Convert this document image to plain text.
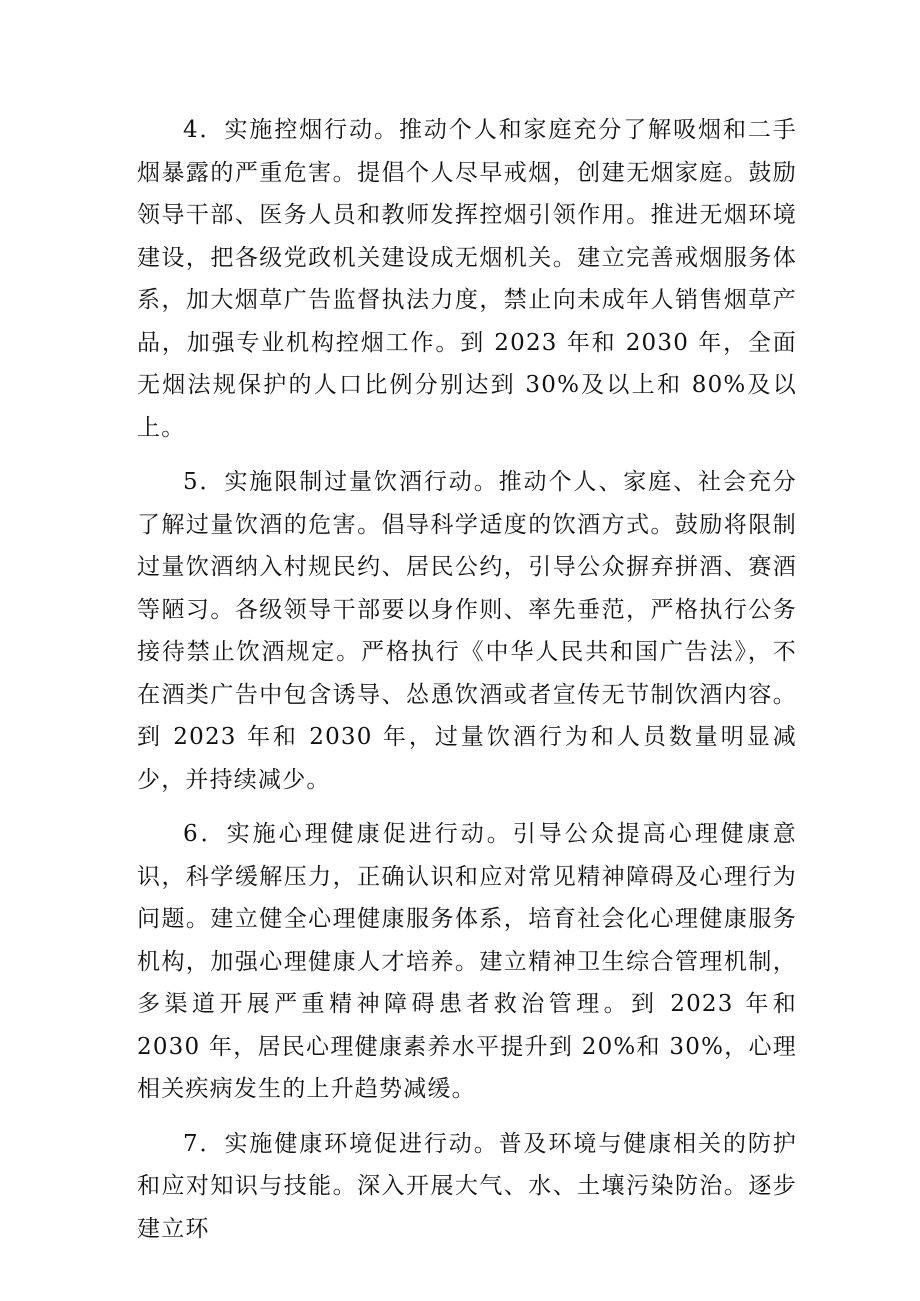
4．实施控烟行动。推动个人和家庭充分了解吸烟和二手烟暴露的严重危害。提倡个人尽早戒烟，创建无烟家庭。鼓励领导干部、医务人员和教师发挥控烟引领作用。推进无烟环境建设，把各级党政机关建设成无烟机关。建立完善戒烟服务体系，加大烟草广告监督执法力度，禁止向未成年人销售烟草产品，加强专业机构控烟工作。到 2023 年和 2030 年，全面无烟法规保护的人口比例分别达到 30%及以上和 80%及以上。

5．实施限制过量饮酒行动。推动个人、家庭、社会充分了解过量饮酒的危害。倡导科学适度的饮酒方式。鼓励将限制过量饮酒纳入村规民约、居民公约，引导公众摒弃拼酒、赛酒等陋习。各级领导干部要以身作则、率先垂范，严格执行公务接待禁止饮酒规定。严格执行《中华人民共和国广告法》，不在酒类广告中包含诱导、怂恿饮酒或者宣传无节制饮酒内容。到 2023 年和 2030 年，过量饮酒行为和人员数量明显减少，并持续减少。

6．实施心理健康促进行动。引导公众提高心理健康意识，科学缓解压力，正确认识和应对常见精神障碍及心理行为问题。建立健全心理健康服务体系，培育社会化心理健康服务机构，加强心理健康人才培养。建立精神卫生综合管理机制，多渠道开展严重精神障碍患者救治管理。到 2023 年和 2030 年，居民心理健康素养水平提升到 20%和 30%，心理相关疾病发生的上升趋势减缓。

7．实施健康环境促进行动。普及环境与健康相关的防护和应对知识与技能。深入开展大气、水、土壤污染防治。逐步建立环
